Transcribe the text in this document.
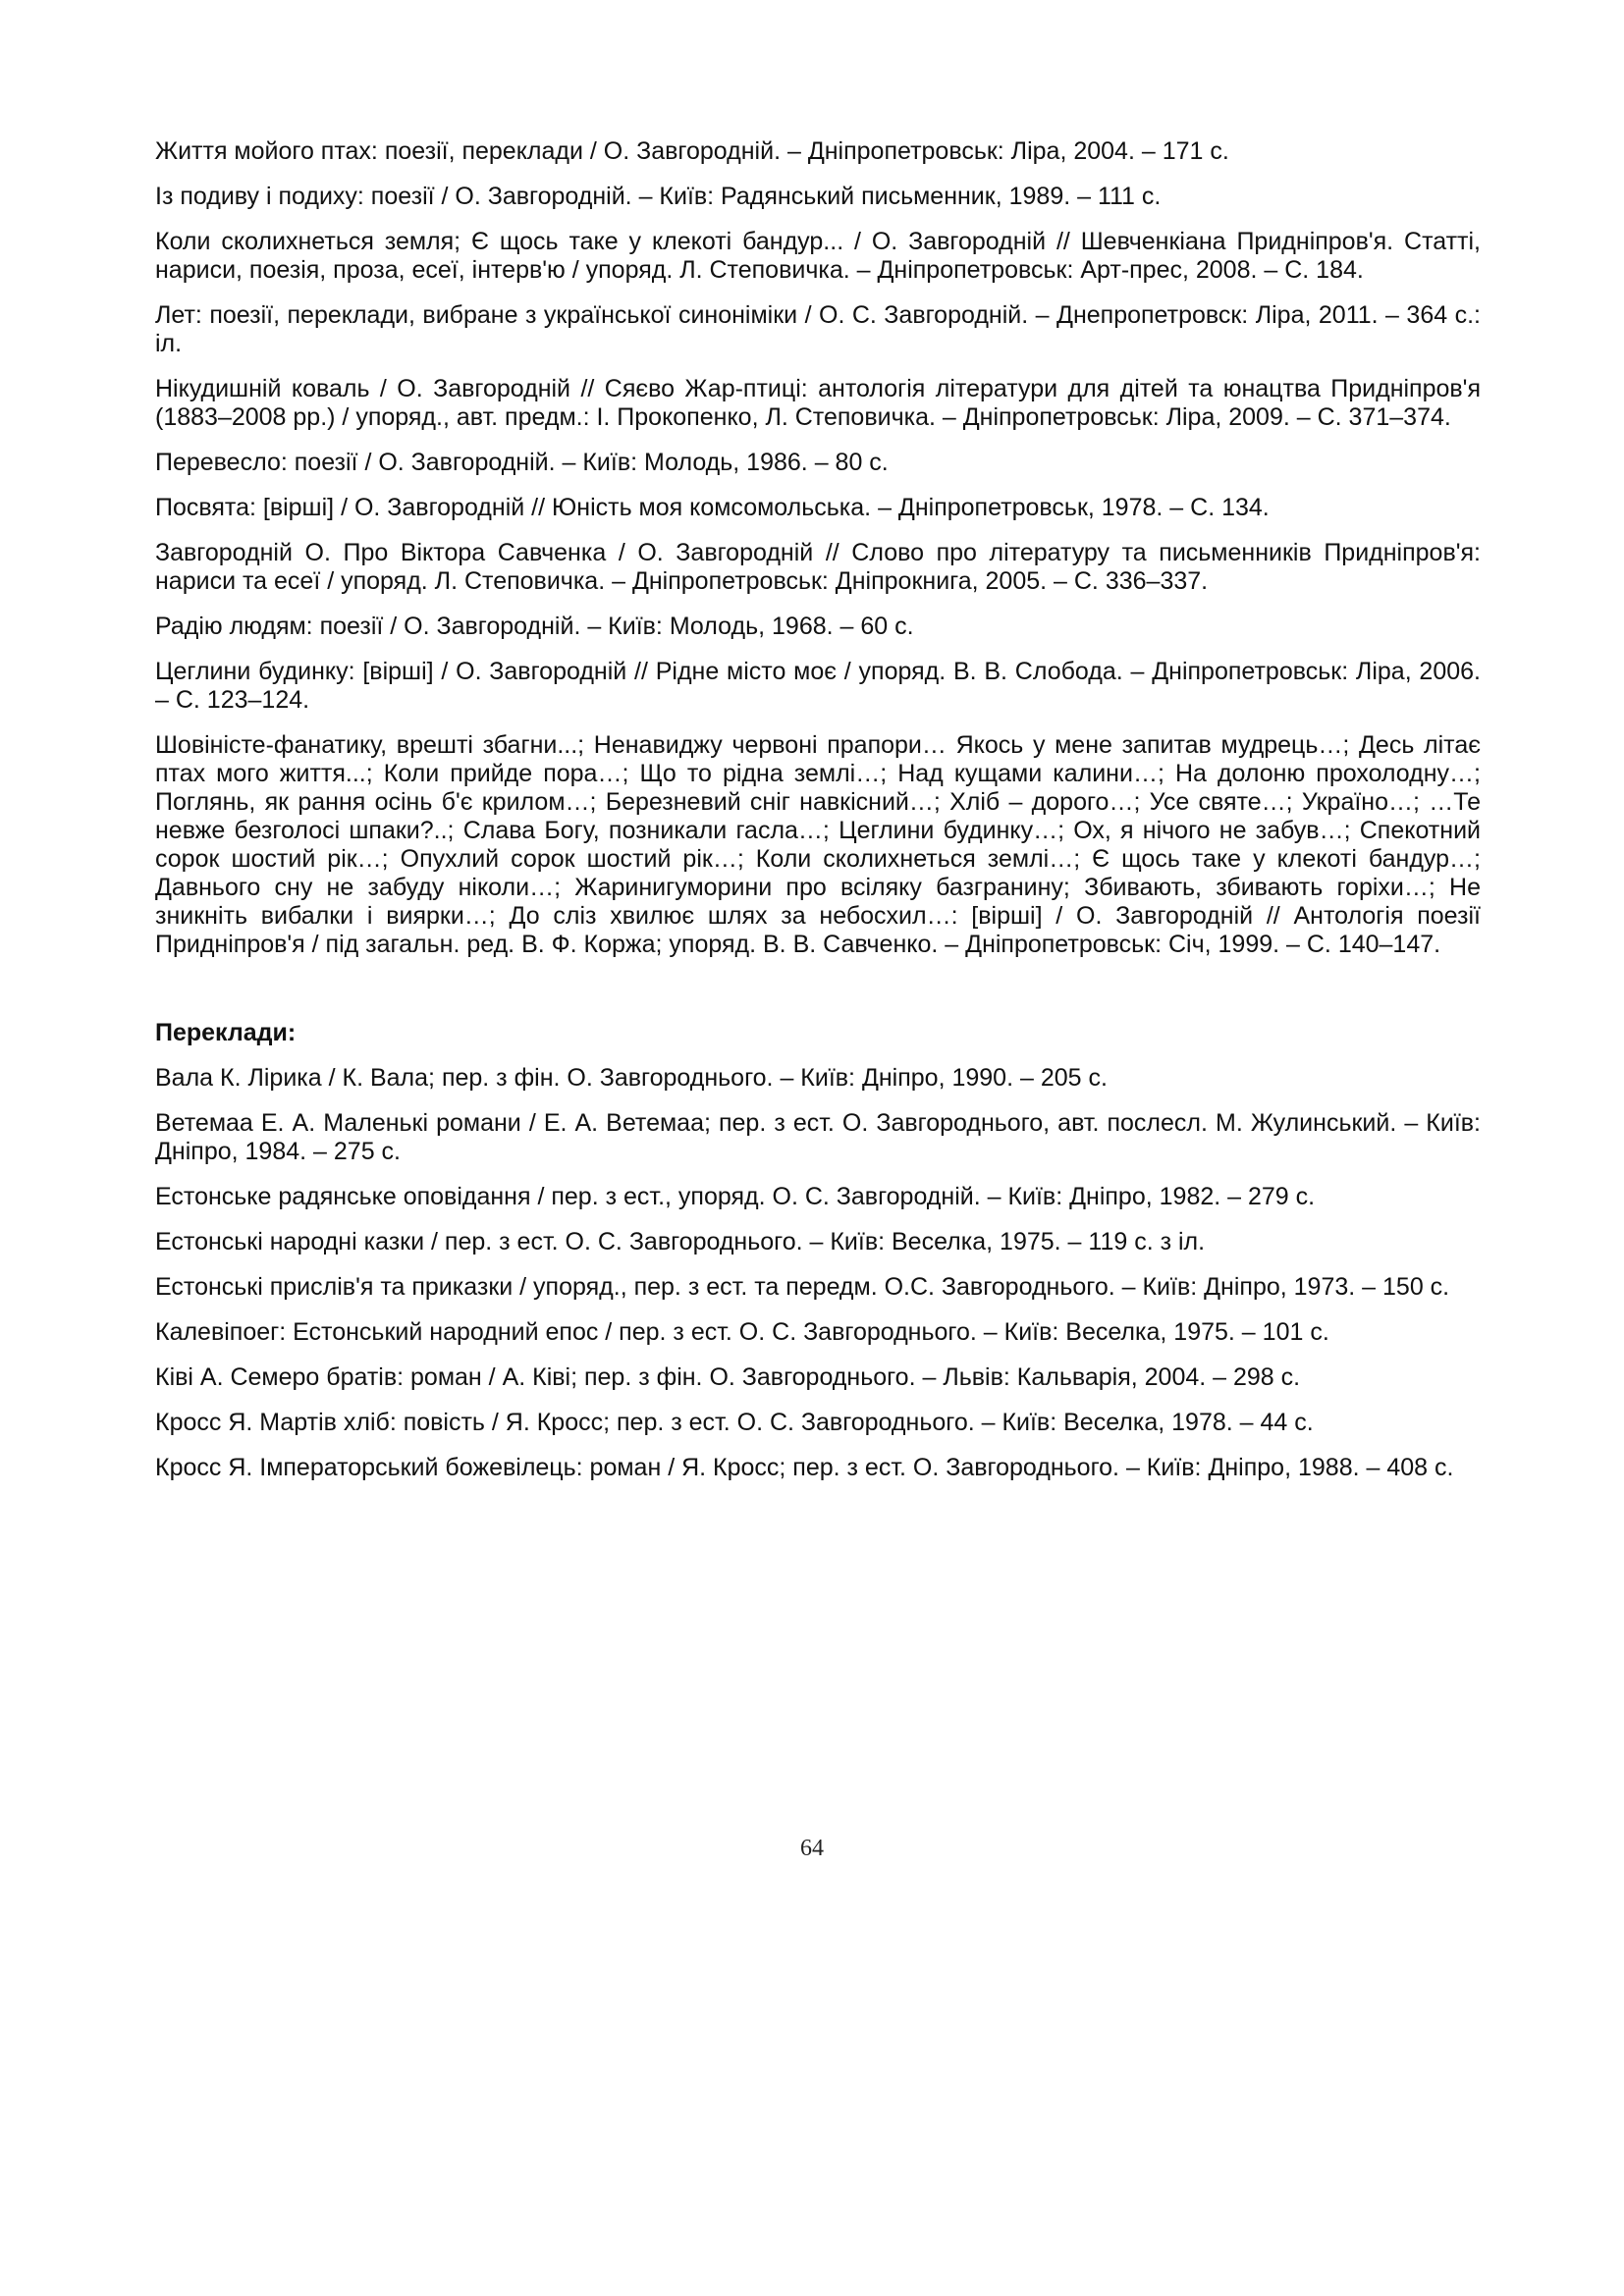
Життя мойого птах: поезії, переклади / О. Завгородній. – Дніпропетровськ: Ліра, 2004. – 171 с.

Із подиву і подиху: поезії / О. Завгородній. – Київ: Радянський письменник, 1989. – 111 с.

Коли сколихнеться земля; Є щось таке у клекоті бандур... / О. Завгородній // Шевченкіана Придніпров'я. Статті, нариси, поезія, проза, есеї, інтерв'ю / упоряд. Л. Степовичка. – Дніпропетровськ: Арт-прес, 2008. – С. 184.

Лет: поезії, переклади, вибране з української синоніміки / О. С. Завгородній. – Днепропетровск: Ліра, 2011. – 364 с.: іл.

Нікудишній коваль / О. Завгородній // Сяєво Жар-птиці: антологія літератури для дітей та юнацтва Придніпров'я (1883–2008 рр.) / упоряд., авт. предм.: І. Прокопенко, Л. Степовичка. – Дніпропетровськ: Ліра, 2009. – С. 371–374.

Перевесло: поезії / О. Завгородній. – Київ: Молодь, 1986. – 80 с.

Посвята: [вірші] / О. Завгородній // Юність моя комсомольська. – Дніпропетровськ, 1978. – С. 134.

Завгородній О. Про Віктора Савченка / О. Завгородній // Слово про літературу та письменників Придніпров'я: нариси та есеї / упоряд. Л. Степовичка. – Дніпропетровськ: Дніпрокнига, 2005. – С. 336–337.

Радію людям: поезії / О. Завгородній. – Київ: Молодь, 1968. – 60 с.

Цеглини будинку: [вірші] / О. Завгородній // Рідне місто моє / упоряд. В. В. Слобода. – Дніпропетровськ: Ліра, 2006. – С. 123–124.

Шовіністе-фанатику, врешті збагни...; Ненавиджу червоні прапори… Якось у мене запитав мудрець…; Десь літає птах мого життя...; Коли прийде пора…; Що то рідна землі…; Над кущами калини…; На долоню прохолодну…; Поглянь, як рання осінь б'є крилом…; Березневий сніг навкісний…; Хліб – дорого…; Усе святе…; Україно…; …Те невже безголосі шпаки?..; Слава Богу, позникали гасла…; Цеглини будинку…; Ох, я нічого не забув…; Спекотний сорок шостий рік…; Опухлий сорок шостий рік…; Коли сколихнеться землі…; Є щось таке у клекоті бандур…; Давнього сну не забуду ніколи…; Жаринигуморини про всіляку базгранину; Збивають, збивають горіхи…; Не зникніть вибалки і виярки…; До сліз хвилює шлях за небосхил…: [вірші] / О. Завгородній // Антологія поезії Придніпров'я / під загальн. ред. В. Ф. Коржа; упоряд. В. В. Савченко. – Дніпропетровськ: Січ, 1999. – С. 140–147.

Переклади:

Вала К. Лірика / К. Вала; пер. з фін. О. Завгороднього. – Київ: Дніпро, 1990. – 205 с.

Ветемаа Е. А. Маленькі романи / Е. А. Ветемаа; пер. з ест. О. Завгороднього, авт. послесл. М. Жулинський. – Київ: Дніпро, 1984. – 275 с.

Естонське радянське оповідання / пер. з ест., упоряд. О. С. Завгородній. – Київ: Дніпро, 1982. – 279 с.

Естонські народні казки / пер. з ест. О. С. Завгороднього. – Київ: Веселка, 1975. – 119 с. з іл.

Естонські прислів'я та приказки / упоряд., пер. з ест. та передм. О.С. Завгороднього. – Київ: Дніпро, 1973. – 150 с.

Калевіпоег: Естонський народний епос / пер. з ест. О. С. Завгороднього. – Київ: Веселка, 1975. – 101 с.

Ківі А. Семеро братів: роман / А. Ківі; пер. з фін. О. Завгороднього. – Львів: Кальварія, 2004. – 298 с.

Кросс Я. Мартів хліб: повість / Я. Кросс; пер. з ест. О. С. Завгороднього. – Київ: Веселка, 1978. – 44 с.

Кросс Я. Імператорський божевілець: роман / Я. Кросс; пер. з ест. О. Завгороднього. – Київ: Дніпро, 1988. – 408 с.

64
